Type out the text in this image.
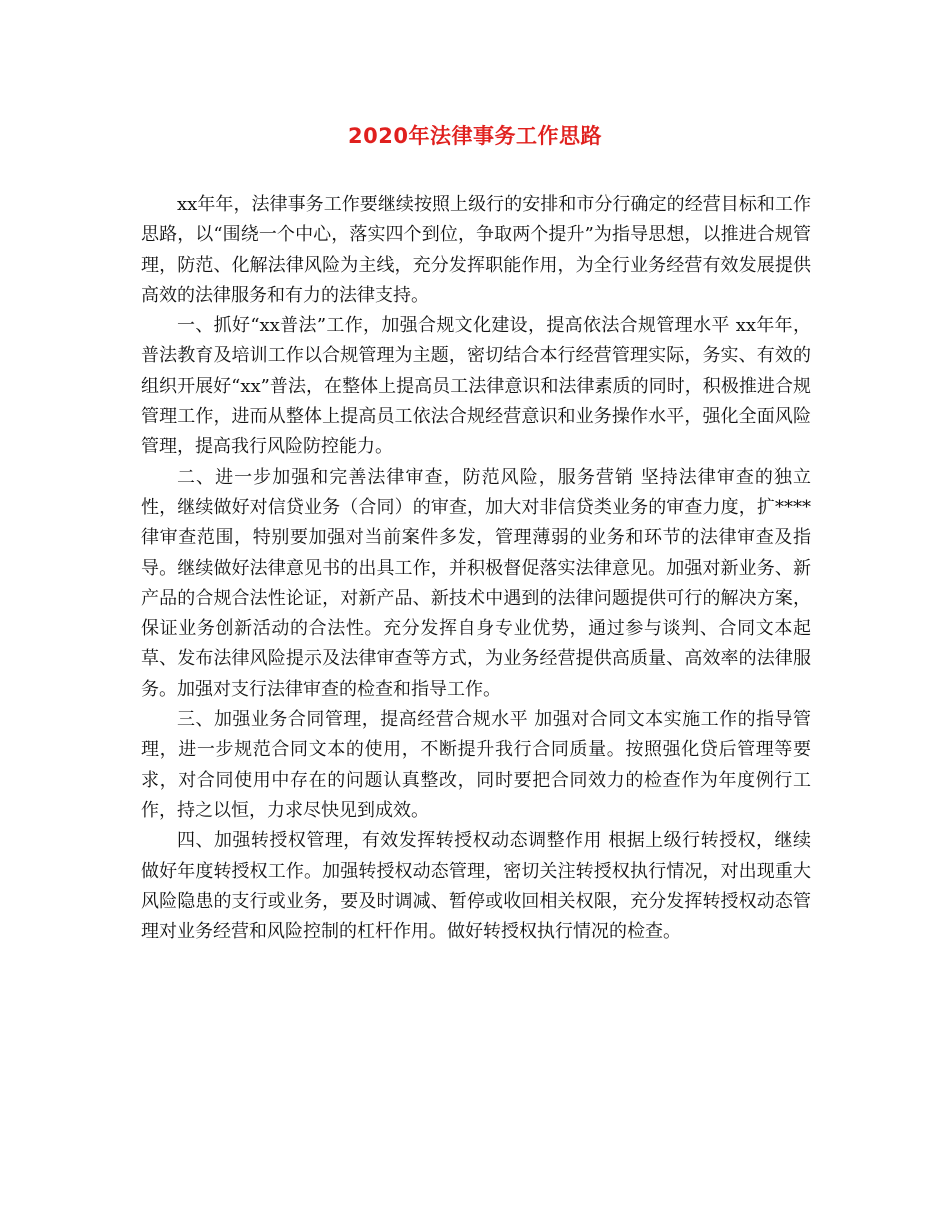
2020年法律事务工作思路

xx年年，法律事务工作要继续按照上级行的安排和市分行确定的经营目标和工作思路，以“围绕一个中心，落实四个到位，争取两个提升”为指导思想，以推进合规管理，防范、化解法律风险为主线，充分发挥职能作用，为全行业务经营有效发展提供高效的法律服务和有力的法律支持。

一、抓好“xx普法”工作，加强合规文化建设，提高依法合规管理水平 xx年年，普法教育及培训工作以合规管理为主题，密切结合本行经营管理实际，务实、有效的组织开展好“xx”普法，在整体上提高员工法律意识和法律素质的同时，积极推进合规管理工作，进而从整体上提高员工依法合规经营意识和业务操作水平，强化全面风险管理，提高我行风险防控能力。

二、进一步加强和完善法律审查，防范风险，服务营销 坚持法律审查的独立性，继续做好对信贷业务（合同）的审查，加大对非信贷类业务的审查力度，扩****律审查范围，特别要加强对当前案件多发，管理薄弱的业务和环节的法律审查及指导。继续做好法律意见书的出具工作，并积极督促落实法律意见。加强对新业务、新产品的合规合法性论证，对新产品、新技术中遇到的法律问题提供可行的解决方案，保证业务创新活动的合法性。充分发挥自身专业优势，通过参与谈判、合同文本起草、发布法律风险提示及法律审查等方式，为业务经营提供高质量、高效率的法律服务。加强对支行法律审查的检查和指导工作。

三、加强业务合同管理，提高经营合规水平 加强对合同文本实施工作的指导管理，进一步规范合同文本的使用，不断提升我行合同质量。按照强化贷后管理等要求，对合同使用中存在的问题认真整改，同时要把合同效力的检查作为年度例行工作，持之以恒，力求尽快见到成效。

四、加强转授权管理，有效发挥转授权动态调整作用 根据上级行转授权，继续做好年度转授权工作。加强转授权动态管理，密切关注转授权执行情况，对出现重大风险隐患的支行或业务，要及时调减、暂停或收回相关权限，充分发挥转授权动态管理对业务经营和风险控制的杠杆作用。做好转授权执行情况的检查。
